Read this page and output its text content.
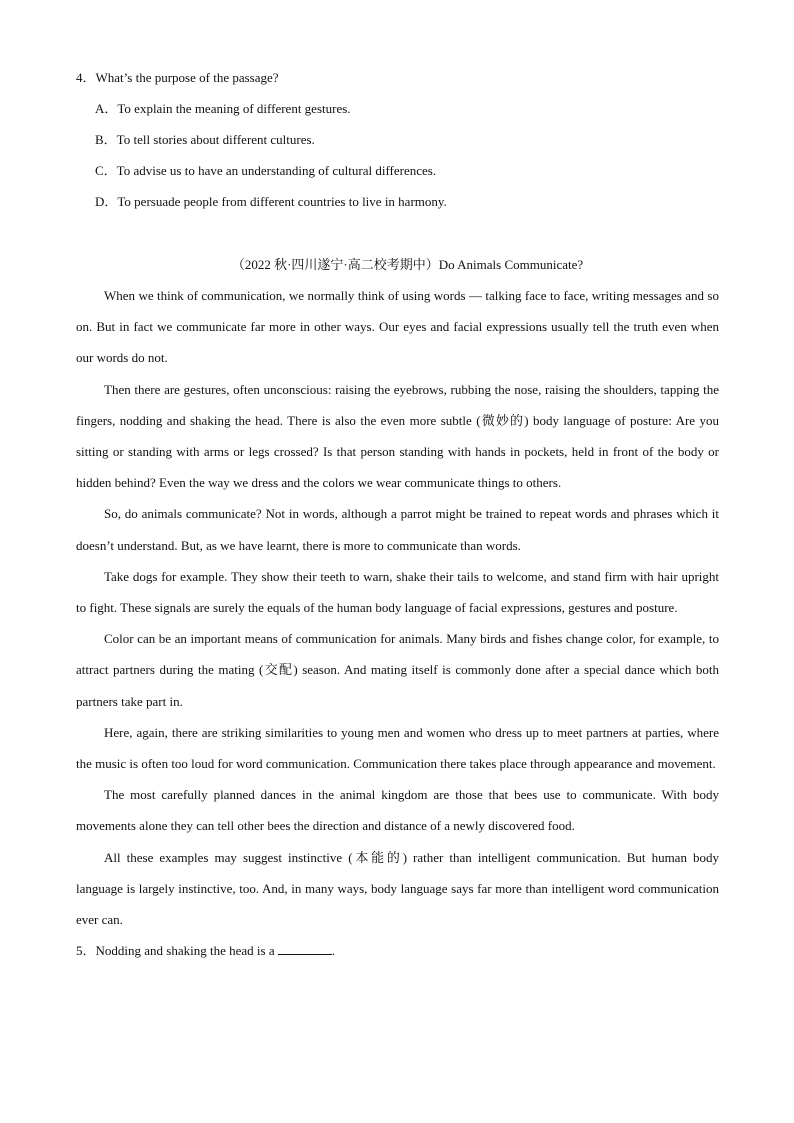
4．What’s the purpose of the passage?

A．To explain the meaning of different gestures.

B．To tell stories about different cultures.

C．To advise us to have an understanding of cultural differences.

D．To persuade people from different countries to live in harmony.

（2022 秋·四川遂宁·高二校考期中）Do Animals Communicate?

When we think of communication, we normally think of using words — talking face to face, writing messages and so on. But in fact we communicate far more in other ways. Our eyes and facial expressions usually tell the truth even when our words do not.

Then there are gestures, often unconscious: raising the eyebrows, rubbing the nose, raising the shoulders, tapping the fingers, nodding and shaking the head. There is also the even more subtle (微妙的) body language of posture: Are you sitting or standing with arms or legs crossed? Is that person standing with hands in pockets, held in front of the body or hidden behind? Even the way we dress and the colors we wear communicate things to others.

So, do animals communicate? Not in words, although a parrot might be trained to repeat words and phrases which it doesn’t understand. But, as we have learnt, there is more to communicate than words.

Take dogs for example. They show their teeth to warn, shake their tails to welcome, and stand firm with hair upright to fight. These signals are surely the equals of the human body language of facial expressions, gestures and posture.

Color can be an important means of communication for animals. Many birds and fishes change color, for example, to attract partners during the mating (交配) season. And mating itself is commonly done after a special dance which both partners take part in.

Here, again, there are striking similarities to young men and women who dress up to meet partners at parties, where the music is often too loud for word communication. Communication there takes place through appearance and movement.

The most carefully planned dances in the animal kingdom are those that bees use to communicate. With body movements alone they can tell other bees the direction and distance of a newly discovered food.

All these examples may suggest instinctive (本能的) rather than intelligent communication. But human body language is largely instinctive, too. And, in many ways, body language says far more than intelligent word communication ever can.

5．Nodding and shaking the head is a	.
